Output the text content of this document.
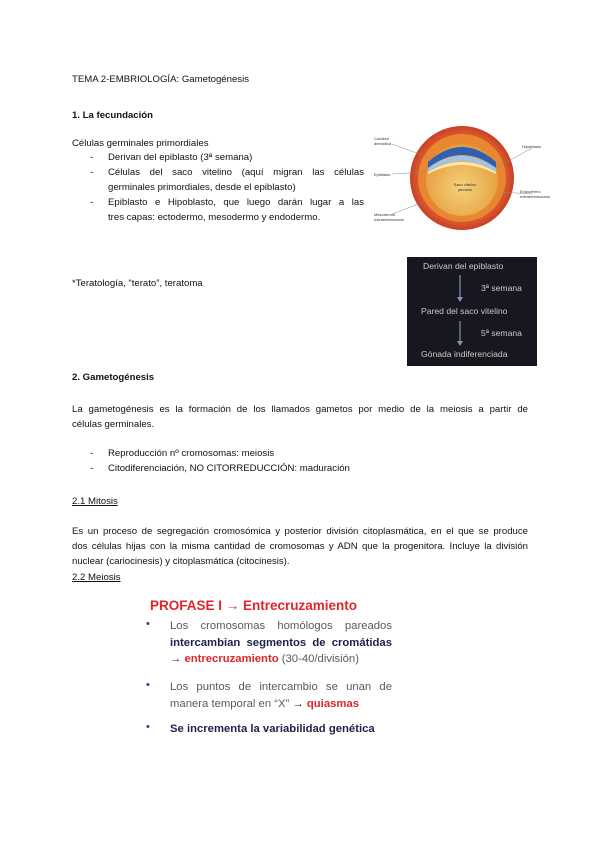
TEMA 2-EMBRIOLOGÍA: Gametogénesis
1. La fecundación
Células germinales primordiales
- Derivan del epiblasto (3ª semana)
- Células del saco vitelino (aquí migran las células
germinales primordiales, desde el epiblasto)
- Epiblasto e Hipoblasto, que luego darán lugar a las
tres capas: ectodermo, mesodermo y endodermo.
Cavidad amniótica
Epiblasto
Mesodermo extraembrionario
Hipoblasto
Endodermo extraembrionario
Saco vitelino primario
*Teratología, “terato”, teratoma
Derivan del epiblasto
3ª semana
Pared del saco vitelino
5ª semana
Gónada indiferenciada
2. Gametogénesis
La gametogénesis es la formación de los llamados gametos por medio de la meiosis a partir de
células germinales.
- Reproducción nº cromosomas: meiosis
- Citodiferenciación, NO CITORREDUCCIÓN: maduración
2.1 Mitosis
Es un proceso de segregación cromosómica y posterior división citoplasmática, en el que se produce
dos células hijas con la misma cantidad de cromosomas y ADN que la progenitora. Incluye la división
nuclear (cariocinesis) y citoplasmática (citocinesis).
2.2 Meiosis
PROFASE I → Entrecruzamiento
• Los cromosomas homólogos pareados
intercambian segmentos de cromátidas
→ entrecruzamiento (30-40/división)
• Los puntos de intercambio se unan de
manera temporal en “X” → quiasmas
• Se incrementa la variabilidad genética
